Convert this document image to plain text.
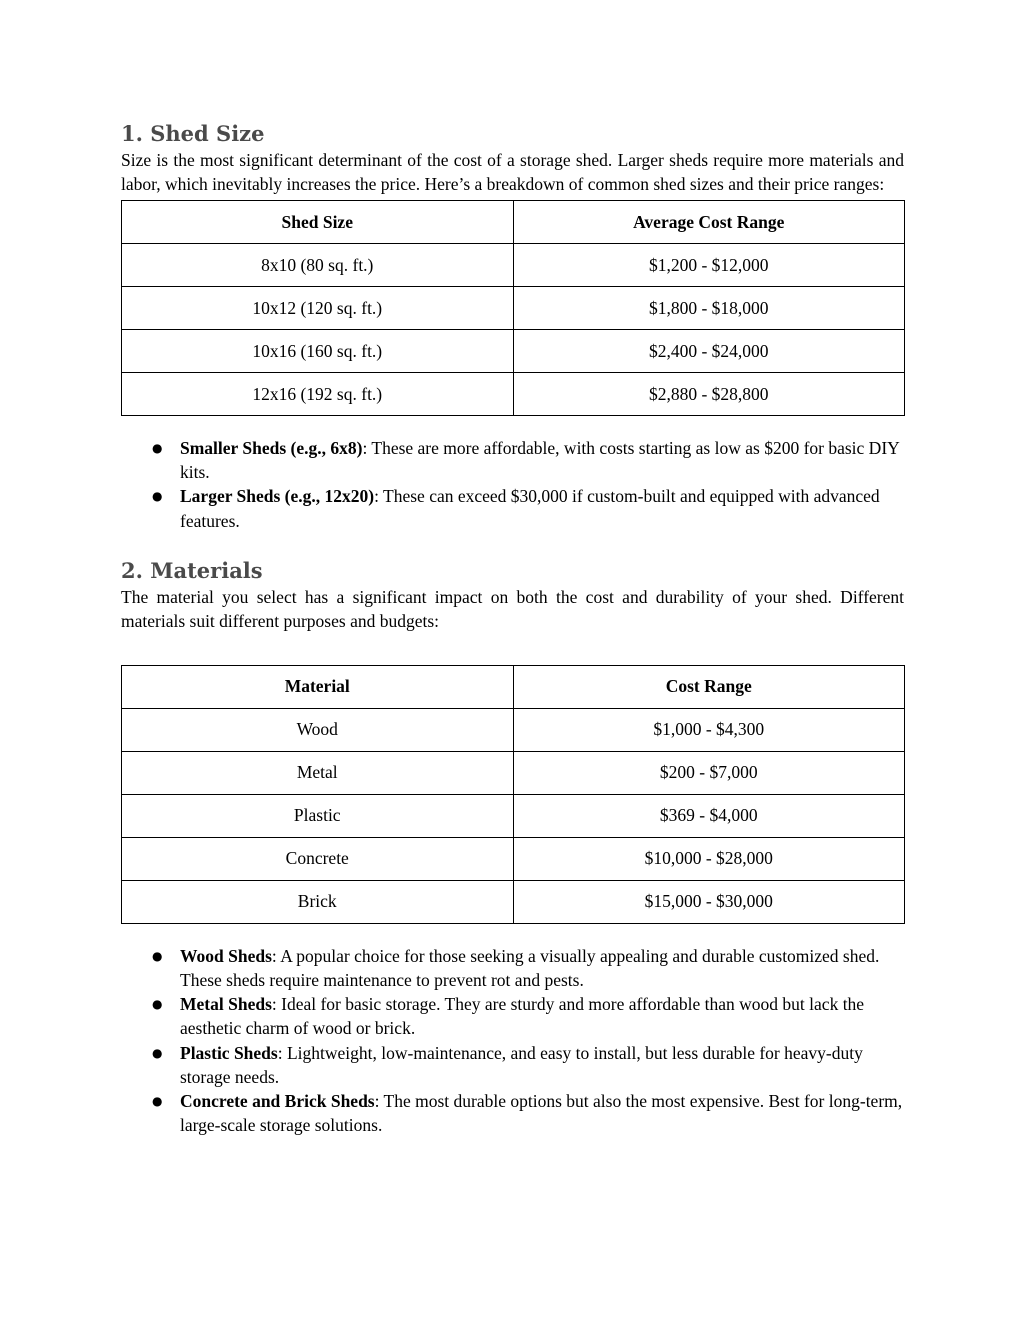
1. Shed Size

Size is the most significant determinant of the cost of a storage shed. Larger sheds require more materials and labor, which inevitably increases the price. Here’s a breakdown of common shed sizes and their price ranges:

Shed Size	Average Cost Range
8x10 (80 sq. ft.)	$1,200 - $12,000
10x12 (120 sq. ft.)	$1,800 - $18,000
10x16 (160 sq. ft.)	$2,400 - $24,000
12x16 (192 sq. ft.)	$2,880 - $28,800
● Smaller Sheds (e.g., 6x8): These are more affordable, with costs starting as low as $200 for basic DIY kits.
● Larger Sheds (e.g., 12x20): These can exceed $30,000 if custom-built and equipped with advanced features.
2. Materials

The material you select has a significant impact on both the cost and durability of your shed. Different materials suit different purposes and budgets:

Material	Cost Range
Wood	$1,000 - $4,300
Metal	$200 - $7,000
Plastic	$369 - $4,000
Concrete	$10,000 - $28,000
Brick	$15,000 - $30,000
● Wood Sheds: A popular choice for those seeking a visually appealing and durable customized shed. These sheds require maintenance to prevent rot and pests.
● Metal Sheds: Ideal for basic storage. They are sturdy and more affordable than wood but lack the aesthetic charm of wood or brick.
● Plastic Sheds: Lightweight, low-maintenance, and easy to install, but less durable for heavy-duty storage needs.
● Concrete and Brick Sheds: The most durable options but also the most expensive. Best for long-term, large-scale storage solutions.
